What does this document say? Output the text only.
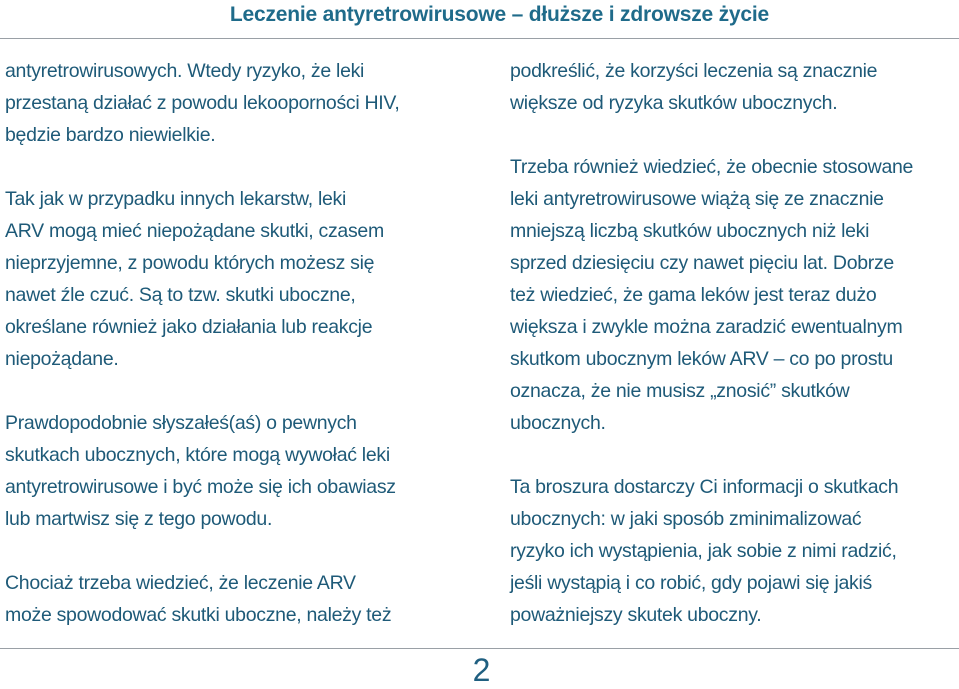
Leczenie antyretrowirusowe – dłuższe i zdrowsze życie
antyretrowirusowych. Wtedy ryzyko, że leki
przestaną działać z powodu lekooporności HIV,
będzie bardzo niewielkie.
Tak jak w przypadku innych lekarstw, leki
ARV mogą mieć niepożądane skutki, czasem
nieprzyjemne, z powodu których możesz się
nawet źle czuć. Są to tzw. skutki uboczne,
określane również jako działania lub reakcje
niepożądane.
Prawdopodobnie słyszałeś(aś) o pewnych
skutkach ubocznych, które mogą wywołać leki
antyretrowirusowe i być może się ich obawiasz
lub martwisz się z tego powodu.
Chociaż trzeba wiedzieć, że leczenie ARV
może spowodować skutki uboczne, należy też
podkreślić, że korzyści leczenia są znacznie
większe od ryzyka skutków ubocznych.
Trzeba również wiedzieć, że obecnie stosowane
leki antyretrowirusowe wiążą się ze znacznie
mniejszą liczbą skutków ubocznych niż leki
sprzed dziesięciu czy nawet pięciu lat. Dobrze
też wiedzieć, że gama leków jest teraz dużo
większa i zwykle można zaradzić ewentualnym
skutkom ubocznym leków ARV – co po prostu
oznacza, że nie musisz „znosić” skutków
ubocznych.
Ta broszura dostarczy Ci informacji o skutkach
ubocznych: w jaki sposób zminimalizować
ryzyko ich wystąpienia, jak sobie z nimi radzić,
jeśli wystąpią i co robić, gdy pojawi się jakiś
poważniejszy skutek uboczny.
2
